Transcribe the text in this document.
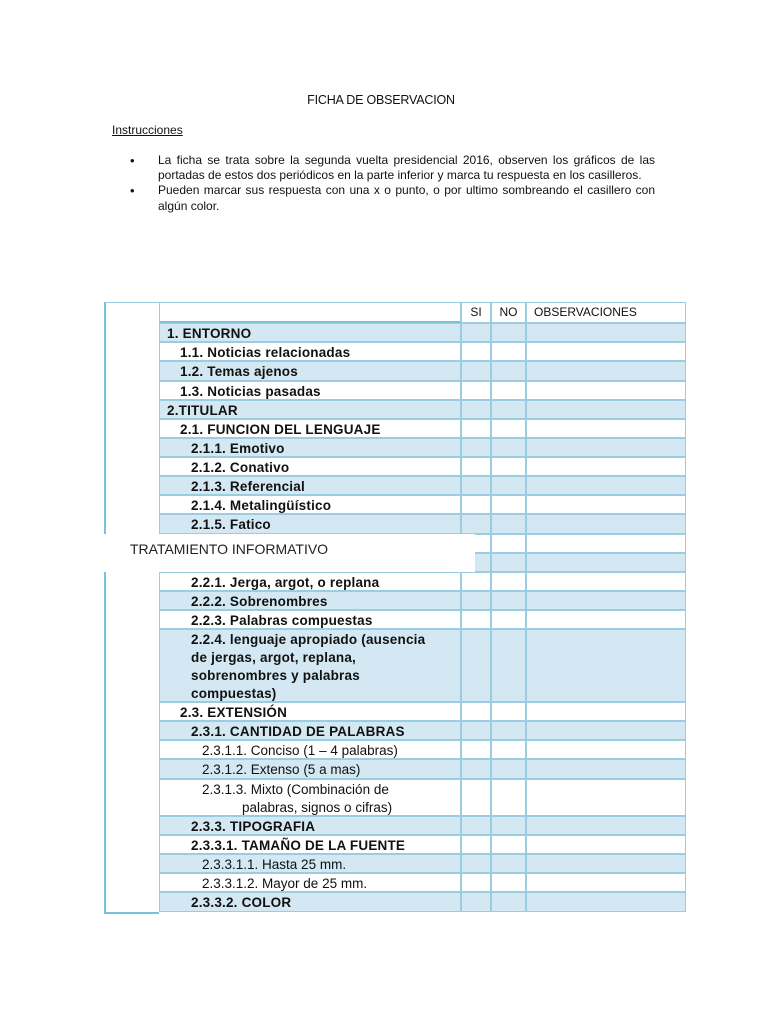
FICHA DE OBSERVACION
Instrucciones
• La ficha se trata sobre la segunda vuelta presidencial 2016, observen los gráficos de las portadas de estos dos periódicos en la parte inferior y marca tu respuesta en los casilleros.
• Pueden marcar sus respuesta con una x o punto, o por ultimo sombreando el casillero con algún color.
SI	NO	OBSERVACIONES
1. ENTORNO
1.1. Noticias relacionadas
1.2. Temas ajenos
1.3. Noticias pasadas
2.TITULAR
2.1. FUNCION DEL LENGUAJE
2.1.1. Emotivo
2.1.2. Conativo
2.1.3. Referencial
2.1.4. Metalingüístico
2.1.5. Fatico
2.2.1. Jerga, argot, o replana
2.2.2. Sobrenombres
2.2.3. Palabras compuestas
2.2.4. lenguaje apropiado (ausencia
de jergas, argot, replana,
sobrenombres y palabras
compuestas)
2.3. EXTENSIÓN
2.3.1. CANTIDAD DE PALABRAS
2.3.1.1. Conciso (1 – 4 palabras)
2.3.1.2. Extenso (5 a mas)
2.3.1.3. Mixto (Combinación de
palabras, signos o cifras)
2.3.3. TIPOGRAFIA
2.3.3.1. TAMAÑO DE LA FUENTE
2.3.3.1.1. Hasta 25 mm.
2.3.3.1.2. Mayor de 25 mm.
2.3.3.2. COLOR
TRATAMIENTO INFORMATIVO
